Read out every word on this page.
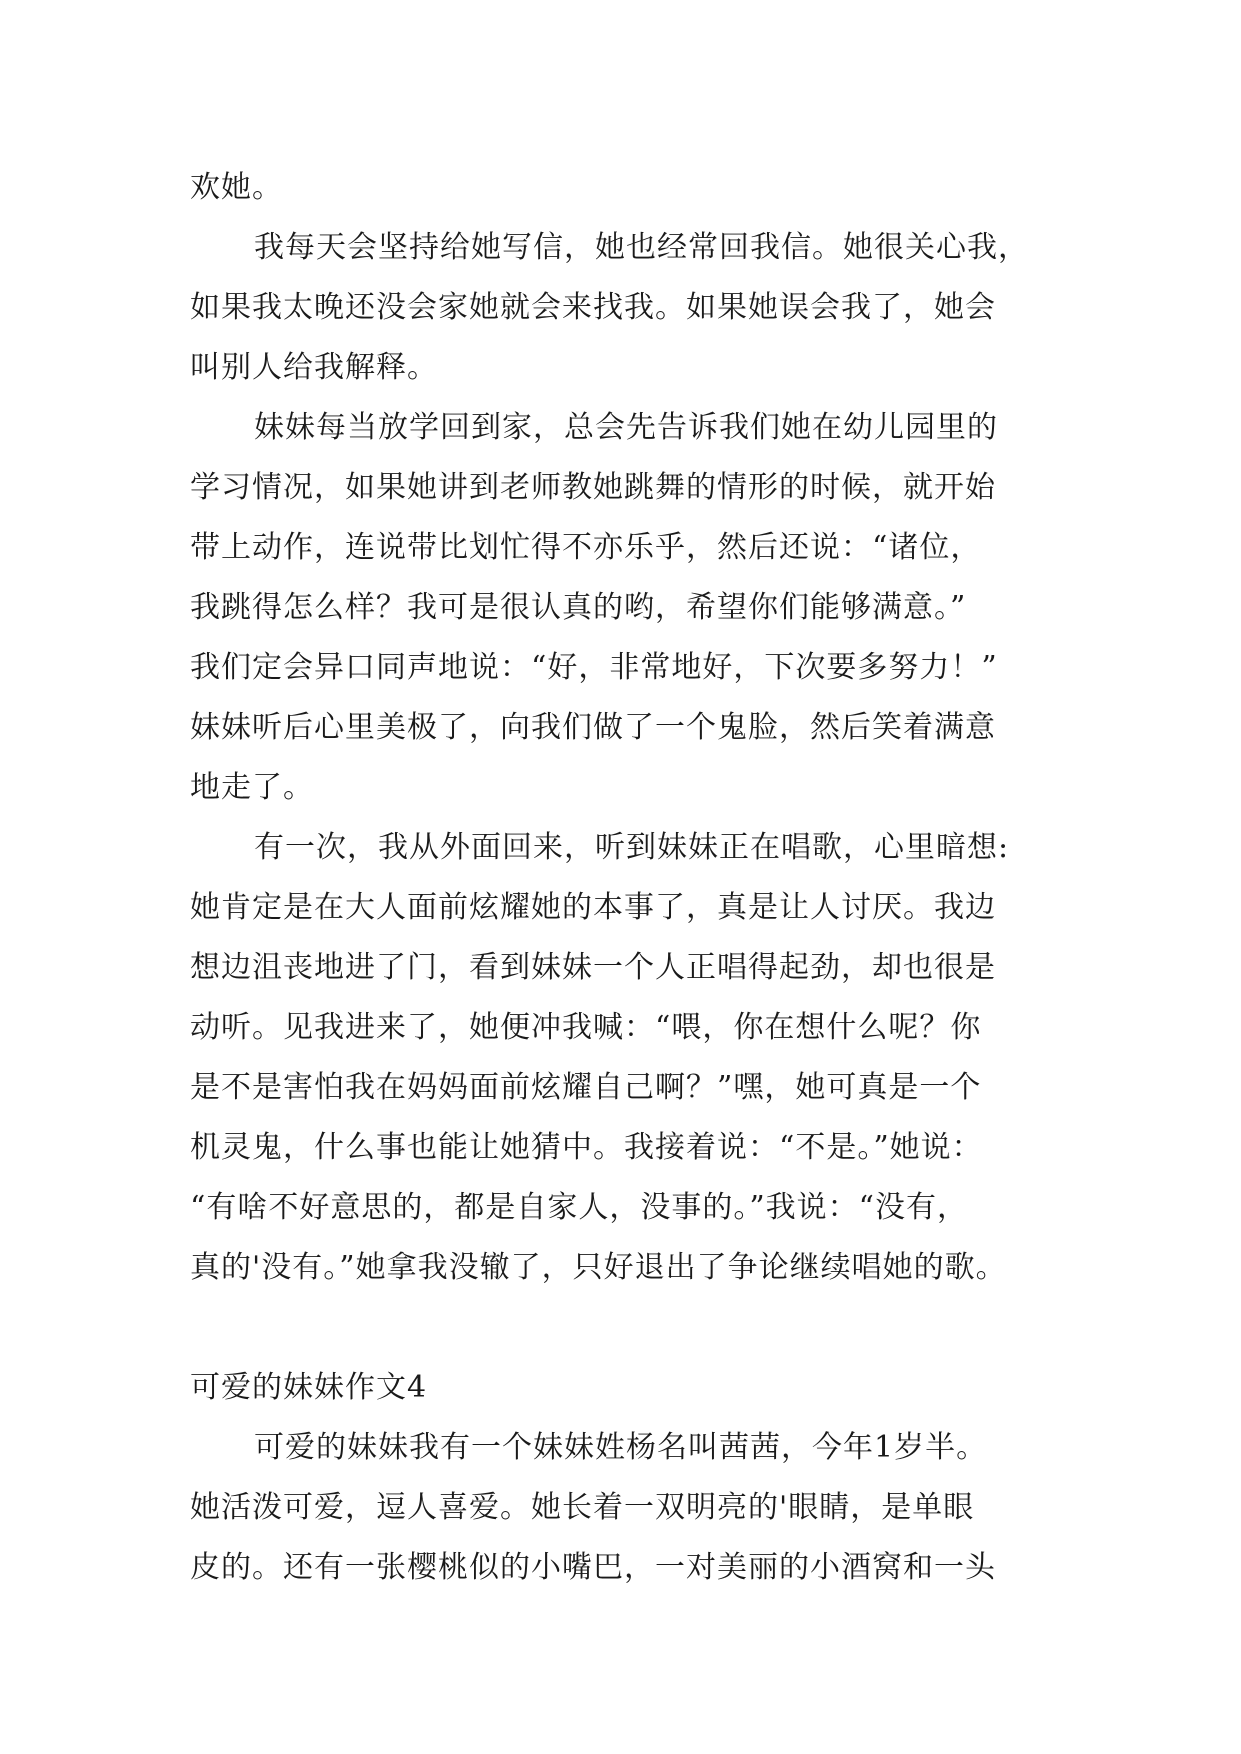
欢她。
我每天会坚持给她写信，她也经常回我信。她很关心我，
如果我太晚还没会家她就会来找我。如果她误会我了，她会
叫别人给我解释。
妹妹每当放学回到家，总会先告诉我们她在幼儿园里的
学习情况，如果她讲到老师教她跳舞的情形的时候，就开始
带上动作，连说带比划忙得不亦乐乎，然后还说：“诸位，
我跳得怎么样？我可是很认真的哟，希望你们能够满意。”
我们定会异口同声地说：“好，非常地好，下次要多努力！”
妹妹听后心里美极了，向我们做了一个鬼脸，然后笑着满意
地走了。
有一次，我从外面回来，听到妹妹正在唱歌，心里暗想:
她肯定是在大人面前炫耀她的本事了，真是让人讨厌。我边
想边沮丧地进了门，看到妹妹一个人正唱得起劲，却也很是
动听。见我进来了，她便冲我喊：“喂，你在想什么呢？你
是不是害怕我在妈妈面前炫耀自己啊？”嘿，她可真是一个
机灵鬼，什么事也能让她猜中。我接着说：“不是。”她说：
“有啥不好意思的，都是自家人，没事的。”我说：“没有，
真的'没有。”她拿我没辙了，只好退出了争论继续唱她的歌。
可爱的妹妹作文4
可爱的妹妹我有一个妹妹姓杨名叫茜茜，今年1岁半。
她活泼可爱，逗人喜爱。她长着一双明亮的'眼睛，是单眼
皮的。还有一张樱桃似的小嘴巴，一对美丽的小酒窝和一头
